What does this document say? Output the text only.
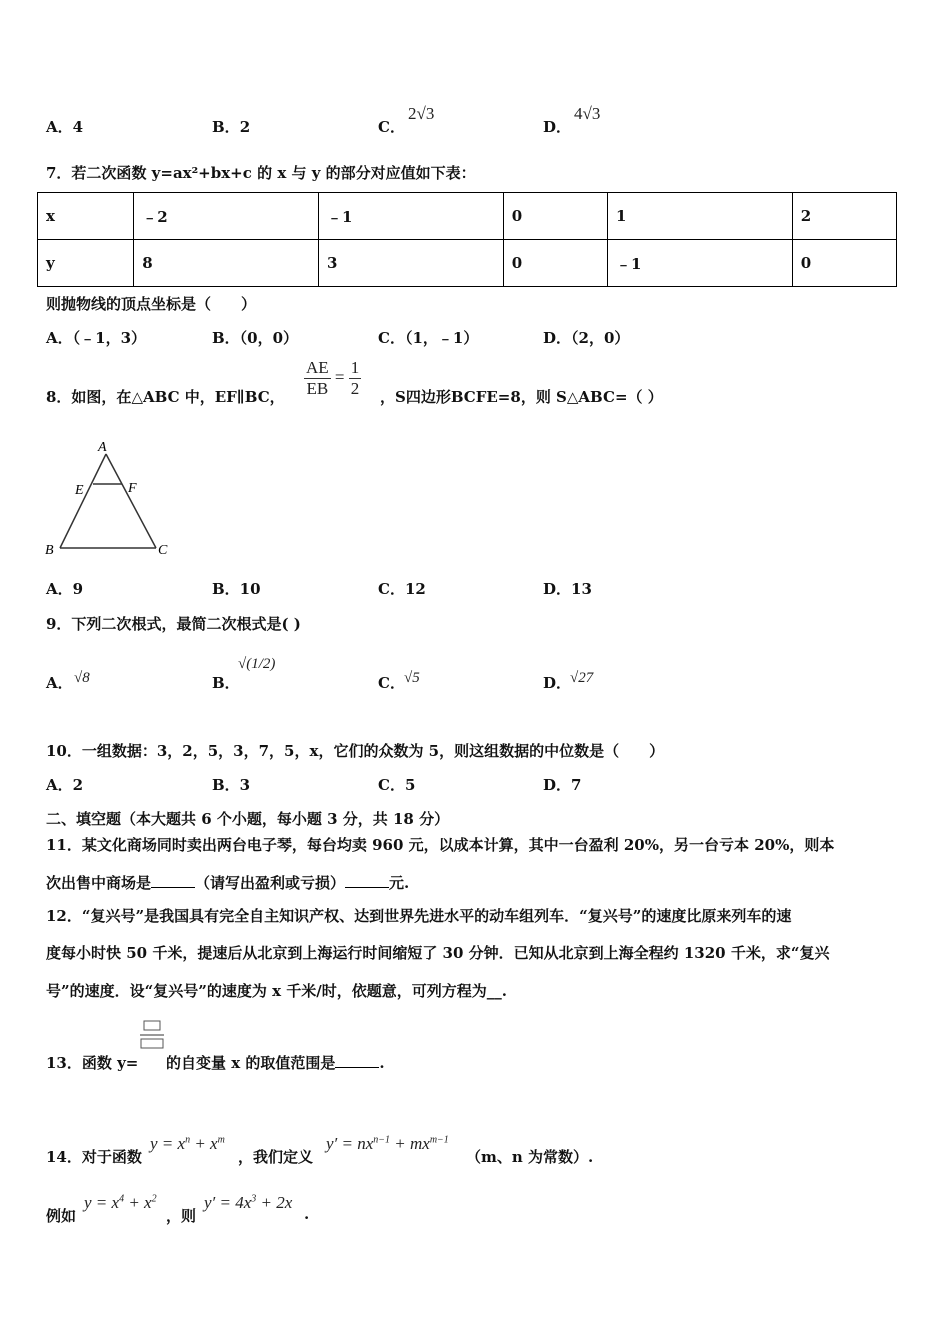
A．4	B．2	C．
2√3
D．
4√3
7．若二次函数 y=ax²+bx+c 的 x 与 y 的部分对应值如下表：
x	﹣2	﹣1	0	1	2
y	8	3	0	﹣1	0
则抛物线的顶点坐标是（　　）
A．（﹣1，3）	B．（0，0）	C．（1，﹣1）	D．（2，0）
8．如图，在△ABC 中，EF∥BC， $\frac{AE}{EB} = \frac{1}{2}$ ，S四边形BCFE=8，则 S△ABC=（ ）
A
B	C
E	F
A．9	B．10	C．12	D．13
9．下列二次根式，最简二次根式是( )
A． √8	B．
√(1/2)
C． √5	D．
√27
10．一组数据：3，2，5，3，7，5，x，它们的众数为 5，则这组数据的中位数是（　　）
A．2	B．3	C．5	D．7
二、填空题（本大题共 6 个小题，每小题 3 分，共 18 分）
11．某文化商场同时卖出两台电子琴，每台均卖 960 元，以成本计算，其中一台盈利 20%，另一台亏本 20%，则本
次出售中商场是	（请写出盈利或亏损）	元.
12．“复兴号”是我国具有完全自主知识产权、达到世界先进水平的动车组列车．“复兴号”的速度比原来列车的速
度每小时快 50 千米，提速后从北京到上海运行时间缩短了 30 分钟．已知从北京到上海全程约 1320 千米，求“复兴
号”的速度．设“复兴号”的速度为 x 千米/时，依题意，可列方程为__.
13．函数 y= 的自变量 x 的取值范围是	.
14．对于函数
$y = x^n + x^m$
，我们定义
$y' = nx^{n-1} + mx^{m-1}$
（m、n 为常数）.
例如
$y = x^4 + x^2$
，则
$y' = 4x^3 + 2x$
.
